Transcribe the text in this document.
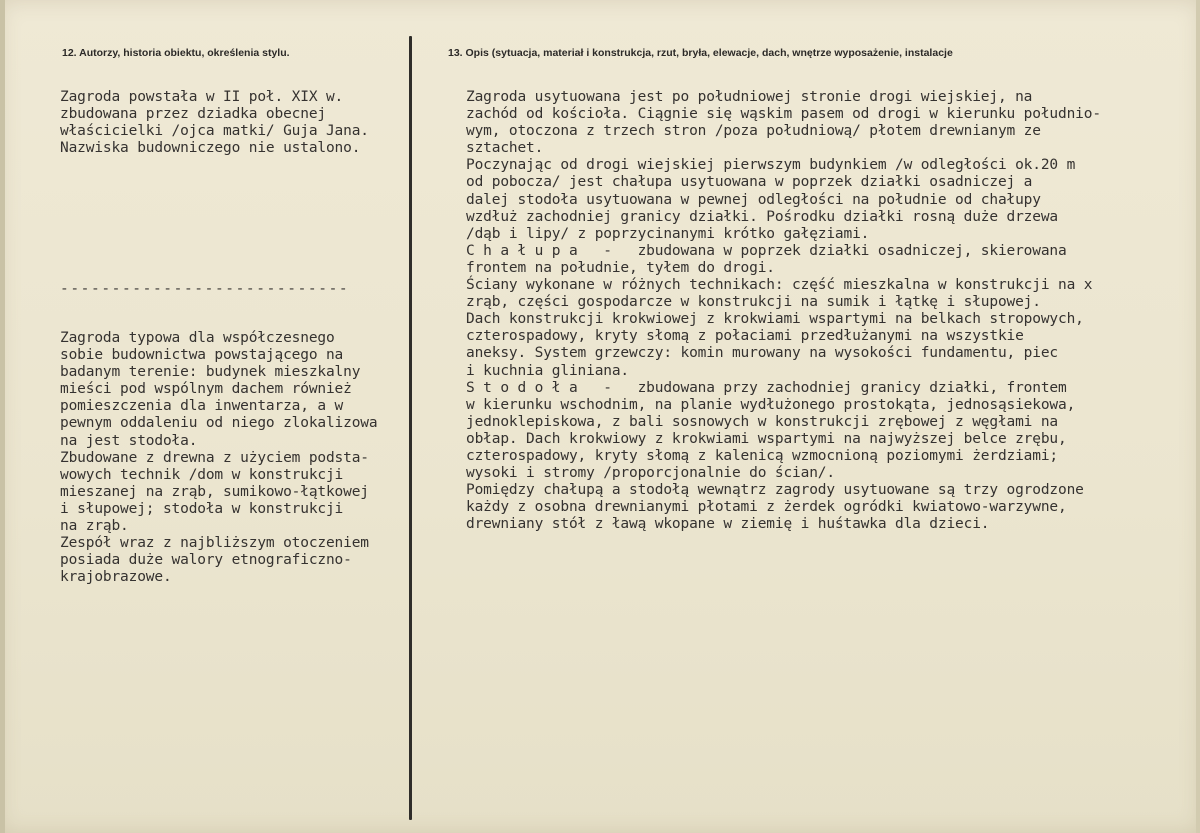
12. Autorzy, historia obiektu, określenia stylu.	13. Opis (sytuacja, materiał i konstrukcja, rzut, bryła, elewacje, dach, wnętrze wyposażenie, instalacje
Zagroda powstała w II poł. XIX w.
zbudowana przez dziadka obecnej
właścicielki /ojca matki/ Guja Jana.
Nazwiska budowniczego nie ustalono.
----------------------------
Zagroda typowa dla współczesnego
sobie budownictwa powstającego na
badanym terenie: budynek mieszkalny
mieści pod wspólnym dachem również
pomieszczenia dla inwentarza, a w
pewnym oddaleniu od niego zlokalizowa
na jest stodoła.
Zbudowane z drewna z użyciem podsta-
wowych technik /dom w konstrukcji
mieszanej na zrąb, sumikowo-łątkowej
i słupowej; stodoła w konstrukcji
na zrąb.
Zespół wraz z najbliższym otoczeniem
posiada duże walory etnograficzno-
krajobrazowe.
Zagroda usytuowana jest po południowej stronie drogi wiejskiej, na
zachód od kościoła. Ciągnie się wąskim pasem od drogi w kierunku południo-
wym, otoczona z trzech stron /poza południową/ płotem drewnianym ze
sztachet.
Poczynając od drogi wiejskiej pierwszym budynkiem /w odległości ok.20 m
od pobocza/ jest chałupa usytuowana w poprzek działki osadniczej a
dalej stodoła usytuowana w pewnej odległości na południe od chałupy
wzdłuż zachodniej granicy działki. Pośrodku działki rosną duże drzewa
/dąb i lipy/ z poprzycinanymi krótko gałęziami.
C h a ł u p a   -   zbudowana w poprzek działki osadniczej, skierowana
frontem na południe, tyłem do drogi.
Ściany wykonane w różnych technikach: część mieszkalna w konstrukcji na x
zrąb, części gospodarcze w konstrukcji na sumik i łątkę i słupowej.
Dach konstrukcji krokwiowej z krokwiami wspartymi na belkach stropowych,
czterospadowy, kryty słomą z połaciami przedłużanymi na wszystkie
aneksy. System grzewczy: komin murowany na wysokości fundamentu, piec
i kuchnia gliniana.
S t o d o ł a   -   zbudowana przy zachodniej granicy działki, frontem
w kierunku wschodnim, na planie wydłużonego prostokąta, jednosąsiekowa,
jednoklepiskowa, z bali sosnowych w konstrukcji zrębowej z węgłami na
obłap. Dach krokwiowy z krokwiami wspartymi na najwyższej belce zrębu,
czterospadowy, kryty słomą z kalenicą wzmocnioną poziomymi żerdziami;
wysoki i stromy /proporcjonalnie do ścian/.
Pomiędzy chałupą a stodołą wewnątrz zagrody usytuowane są trzy ogrodzone
każdy z osobna drewnianymi płotami z żerdek ogródki kwiatowo-warzywne,
drewniany stół z ławą wkopane w ziemię i huśtawka dla dzieci.
